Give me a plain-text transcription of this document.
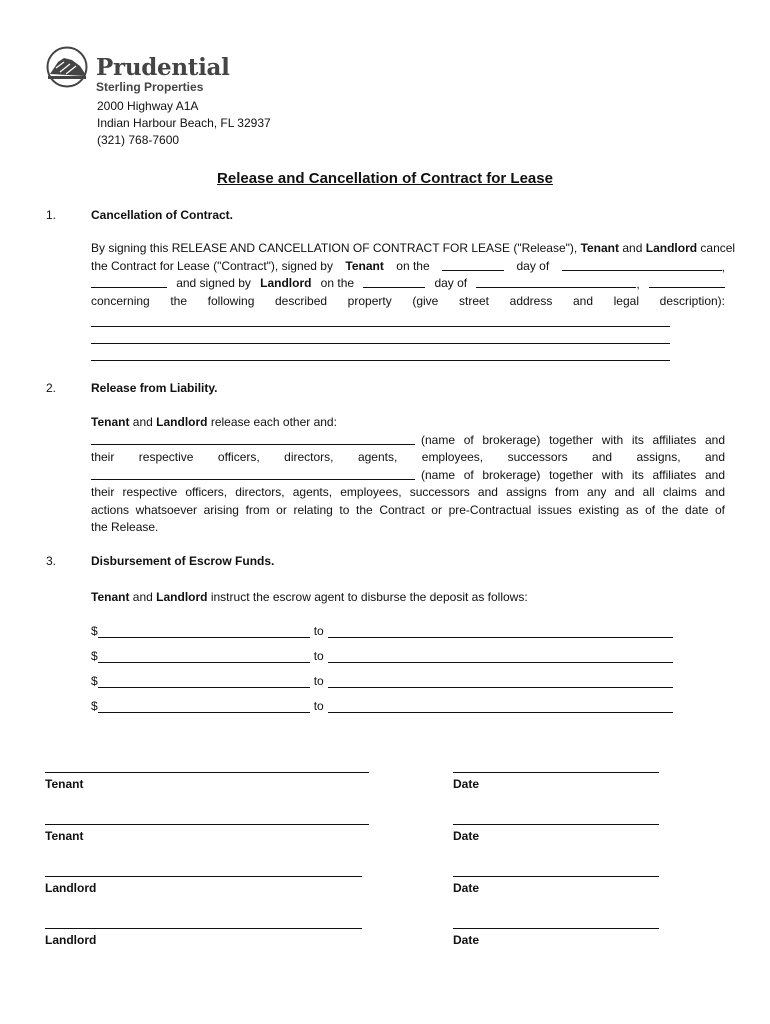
Prudential
Sterling Properties
2000 Highway A1A
Indian Harbour Beach, FL 32937
(321) 768-7600
Release and Cancellation of Contract for Lease
1.	Cancellation of Contract.
By signing this RELEASE AND CANCELLATION OF CONTRACT FOR LEASE ("Release"), Tenant and Landlord cancel
the Contract for Lease ("Contract"), signed by Tenant on the	day of	,
and signed by Landlord on the	day of	,
concerning the following described property (give street address and legal description):
2.	Release from Liability.
Tenant and Landlord release each other and:
(name of brokerage) together with its affiliates and
their respective officers, directors, agents, employees, successors and assigns, and
(name of brokerage) together with its affiliates and
their respective officers, directors, agents, employees, successors and assigns from any and all claims and
actions whatsoever arising from or relating to the Contract or pre-Contractual issues existing as of the date of
the Release.
3.	Disbursement of Escrow Funds.
Tenant and Landlord instruct the escrow agent to disburse the deposit as follows:
$	to
$	to
$	to
$	to
Tenant	Date
Tenant	Date
Landlord	Date
Landlord	Date
